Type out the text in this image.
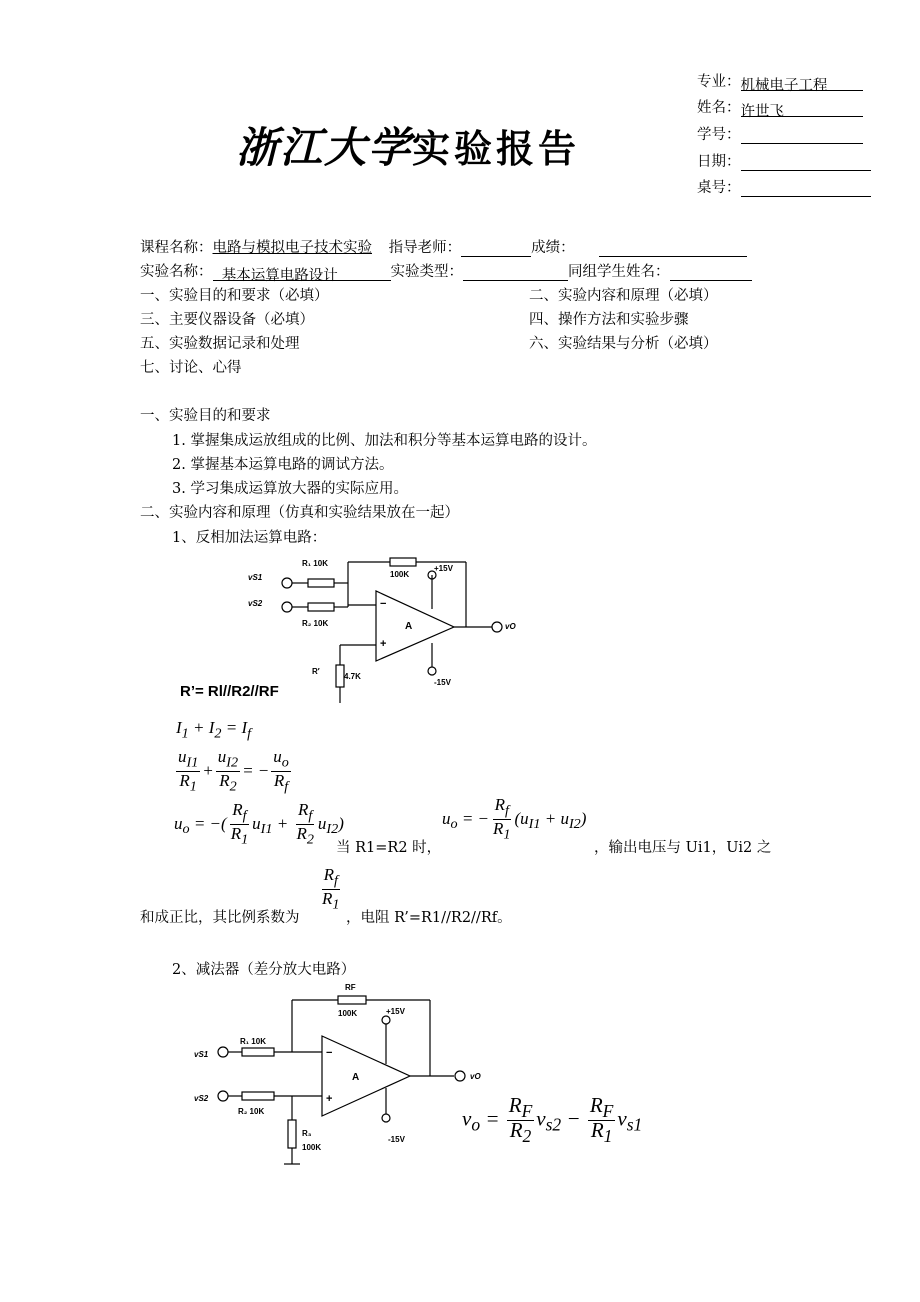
浙江大学实验报告
专业：机械电子工程
姓名：许世飞
学号：
日期：
桌号：
课程名称：电路与模拟电子技术实验 指导老师：	成绩：
实验名称： 基本运算电路设计	实验类型：	同组学生姓名：
一、实验目的和要求（必填）	二、实验内容和原理（必填）
三、主要仪器设备（必填）	四、操作方法和实验步骤
五、实验数据记录和处理	六、实验结果与分析（必填）
七、讨论、心得
一、实验目的和要求
1. 掌握集成运放组成的比例、加法和积分等基本运算电路的设计。
2. 掌握基本运算电路的调试方法。
3. 学习集成运算放大器的实际应用。
二、实验内容和原理（仿真和实验结果放在一起）
1、反相加法运算电路：
R₁ 10K
R₂ 10K
100K
+15V
-15V
R′
4.7K
A
−
+
vS1
vS2
vO
R’= Rl//R2//RF
$I_1 + I_2 = I_f$
$\frac{u_{I1}}{R_1} + \frac{u_{I2}}{R_2}$ = − $\frac{u_o}{R_f}$
$u_o$ = −( $\frac{R_f}{R_1} u_{I1} + \frac{R_f}{R_2} u_{I2}$)
当 R1=R2 时，
$u_o$ = − $\frac{R_f}{R_1} (u_{I1} + u_{I2})$
，输出电压与 Ui1，Ui2 之
和成正比，其比例系数为
$\frac{R_f}{R_1}$
，电阻 R’=R1//R2//Rf。
2、减法器（差分放大电路）
RF
100K	+15V
-15V
R₁ 10K
R₂ 10K
R₃
100K
A
−
+
vS1
vS2
vO
$v_o = \frac{R_F}{R_2} v_{s2} - \frac{R_F}{R_1} v_{s1}$
